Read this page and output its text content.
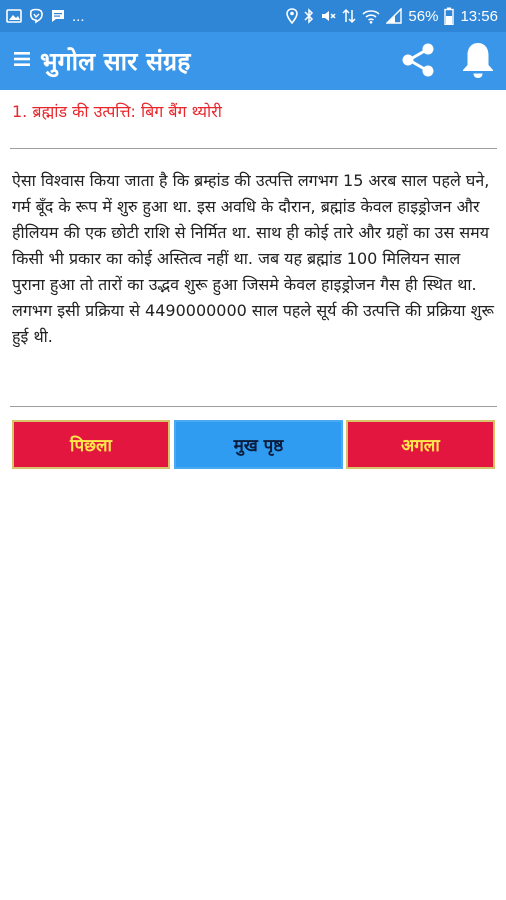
...	56% 13:56
भुगोल सार संग्रह
1. ब्रह्मांड की उत्पत्ति: बिग बैंग थ्योरी
ऐसा विश्वास किया जाता है कि ब्रम्हांड की उत्पत्ति लगभग 15 अरब साल पहले घने, गर्म बूँद के रूप में शुरु हुआ था. इस अवधि के दौरान, ब्रह्मांड केवल हाइड्रोजन और हीलियम की एक छोटी राशि से निर्मित था. साथ ही कोई तारे और ग्रहों का उस समय किसी भी प्रकार का कोई अस्तित्व नहीं था. जब यह ब्रह्मांड 100 मिलियन साल पुराना हुआ तो तारों का उद्भव शुरू हुआ जिसमे केवल हाइड्रोजन गैस ही स्थित था. लगभग इसी प्रक्रिया से 4490000000 साल पहले सूर्य की उत्पत्ति की प्रक्रिया शुरू हुई थी.
पिछला	मुख पृष्ठ	अगला
